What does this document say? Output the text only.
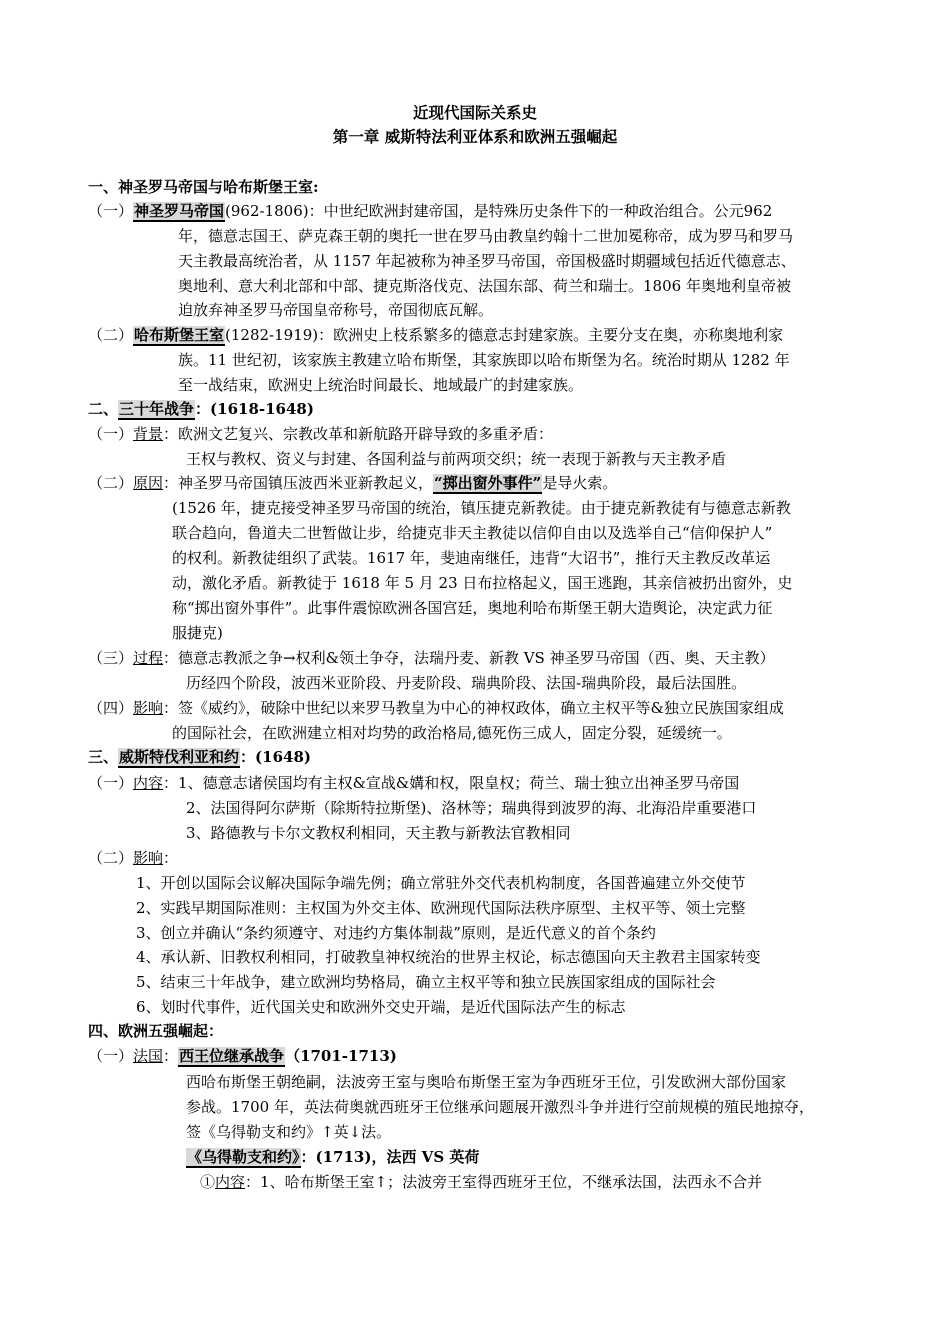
近现代国际关系史
第一章 威斯特法利亚体系和欧洲五强崛起
一、神圣罗马帝国与哈布斯堡王室:
（一）神圣罗马帝国(962-1806)：中世纪欧洲封建帝国，是特殊历史条件下的一种政治组合。公元962
年，德意志国王、萨克森王朝的奥托一世在罗马由教皇约翰十二世加冕称帝，成为罗马和罗马
天主教最高统治者，从 1157 年起被称为神圣罗马帝国，帝国极盛时期疆域包括近代德意志、
奥地利、意大利北部和中部、捷克斯洛伐克、法国东部、荷兰和瑞士。1806 年奥地利皇帝被
迫放弃神圣罗马帝国皇帝称号，帝国彻底瓦解。
（二）哈布斯堡王室(1282-1919)：欧洲史上枝系繁多的德意志封建家族。主要分支在奥，亦称奥地利家
族。11 世纪初，该家族主教建立哈布斯堡，其家族即以哈布斯堡为名。统治时期从 1282 年
至一战结束，欧洲史上统治时间最长、地域最广的封建家族。
二、三十年战争：(1618-1648)
（一）背景：欧洲文艺复兴、宗教改革和新航路开辟导致的多重矛盾：
王权与教权、资义与封建、各国利益与前两项交织；统一表现于新教与天主教矛盾
（二）原因：神圣罗马帝国镇压波西米亚新教起义，“掷出窗外事件”是导火索。
(1526 年，捷克接受神圣罗马帝国的统治，镇压捷克新教徒。由于捷克新教徒有与德意志新教
联合趋向，鲁道夫二世暂做让步，给捷克非天主教徒以信仰自由以及选举自己“信仰保护人”
的权利。新教徒组织了武装。1617 年，斐迪南继任，违背“大诏书”，推行天主教反改革运
动，激化矛盾。新教徒于 1618 年 5 月 23 日布拉格起义，国王逃跑，其亲信被扔出窗外，史
称“掷出窗外事件”。此事件震惊欧洲各国宫廷，奥地利哈布斯堡王朝大造舆论，决定武力征
服捷克)
（三）过程：德意志教派之争→权利&领土争夺，法瑞丹麦、新教 VS 神圣罗马帝国（西、奥、天主教）
历经四个阶段，波西米亚阶段、丹麦阶段、瑞典阶段、法国-瑞典阶段，最后法国胜。
（四）影响：签《威约》，破除中世纪以来罗马教皇为中心的神权政体，确立主权平等&独立民族国家组成
的国际社会，在欧洲建立相对均势的政治格局,德死伤三成人，固定分裂，延缓统一。
三、威斯特伐利亚和约：(1648)
（一）内容：1、德意志诸侯国均有主权&宣战&媾和权，限皇权；荷兰、瑞士独立出神圣罗马帝国
2、法国得阿尔萨斯（除斯特拉斯堡)、洛林等；瑞典得到波罗的海、北海沿岸重要港口
3、路德教与卡尔文教权利相同，天主教与新教法官教相同
（二）影响：
1、开创以国际会议解决国际争端先例；确立常驻外交代表机构制度，各国普遍建立外交使节
2、实践早期国际准则：主权国为外交主体、欧洲现代国际法秩序原型、主权平等、领土完整
3、创立并确认“条约须遵守、对违约方集体制裁”原则，是近代意义的首个条约
4、承认新、旧教权利相同，打破教皇神权统治的世界主权论，标志德国向天主教君主国家转变
5、结束三十年战争，建立欧洲均势格局，确立主权平等和独立民族国家组成的国际社会
6、划时代事件，近代国关史和欧洲外交史开端，是近代国际法产生的标志
四、欧洲五强崛起：
（一）法国：西王位继承战争（1701-1713)
西哈布斯堡王朝绝嗣，法波旁王室与奥哈布斯堡王室为争西班牙王位，引发欧洲大部份国家
参战。1700 年，英法荷奥就西班牙王位继承问题展开激烈斗争并进行空前规模的殖民地掠夺，
签《乌得勒支和约》↑英↓法。
《乌得勒支和约》：(1713)，法西 VS 英荷
①内容：1、哈布斯堡王室↑；法波旁王室得西班牙王位，不继承法国，法西永不合并
